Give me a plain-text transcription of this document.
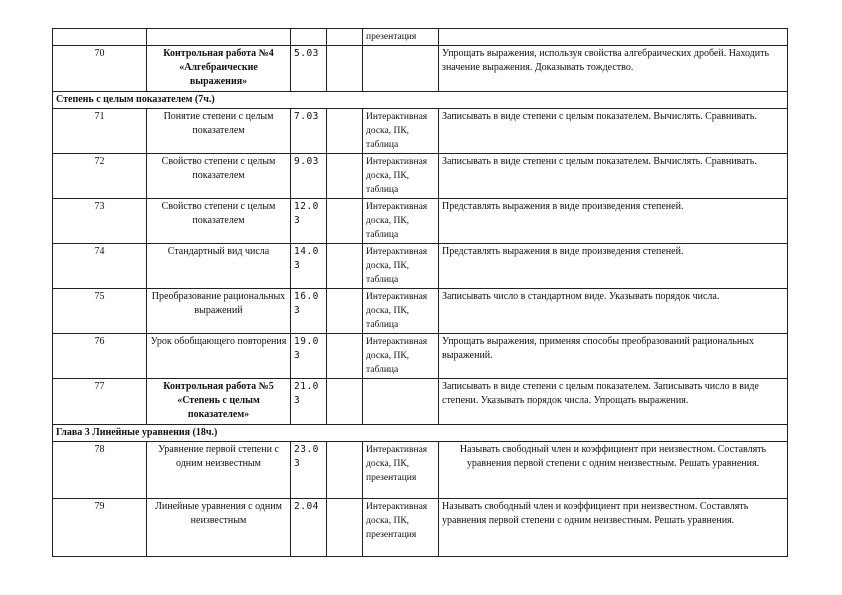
				презентация	
70	Контрольная работа №4 «Алгебраические выражения»	5.03			Упрощать выражения, используя свойства алгебраических дробей. Находить значение выражения. Доказывать тождество.
Степень с целым показателем (7ч.)					
71	Понятие степени с целым показателем	7.03		Интерактивная доска, ПК, таблица	Записывать в виде степени с целым показателем. Вычислять. Сравнивать.
72	Свойство степени с целым показателем	9.03		Интерактивная доска, ПК, таблица	Записывать в виде степени с целым показателем. Вычислять. Сравнивать.
73	Свойство степени с целым показателем	12.03		Интерактивная доска, ПК, таблица	Представлять выражения в виде произведения степеней.
74	Стандартный вид числа	14.03		Интерактивная доска, ПК, таблица	Представлять выражения в виде произведения степеней.
75	Преобразование рациональных выражений	16.03		Интерактивная доска, ПК, таблица	Записывать число в стандартном виде. Указывать порядок числа.
76	Урок обобщающего повторения	19.03		Интерактивная доска, ПК, таблица	Упрощать выражения, применяя способы преобразований рациональных выражений.
77	Контрольная работа №5 «Степень с целым показателем»	21.03			Записывать в виде степени с целым показателем. Записывать число в виде степени. Указывать порядок числа. Упрощать выражения.
Глава 3 Линейные уравнения (18ч.)					
78	Уравнение первой степени с одним неизвестным	23.03		Интерактивная доска, ПК, презентация	Называть свободный член и коэффициент при неизвестном. Составлять уравнения первой степени с одним неизвестным. Решать уравнения.
79	Линейные уравнения с одним неизвестным	2.04		Интерактивная доска, ПК, презентация	Называть свободный член и коэффициент при неизвестном. Составлять уравнения первой степени с одним неизвестным. Решать уравнения.
